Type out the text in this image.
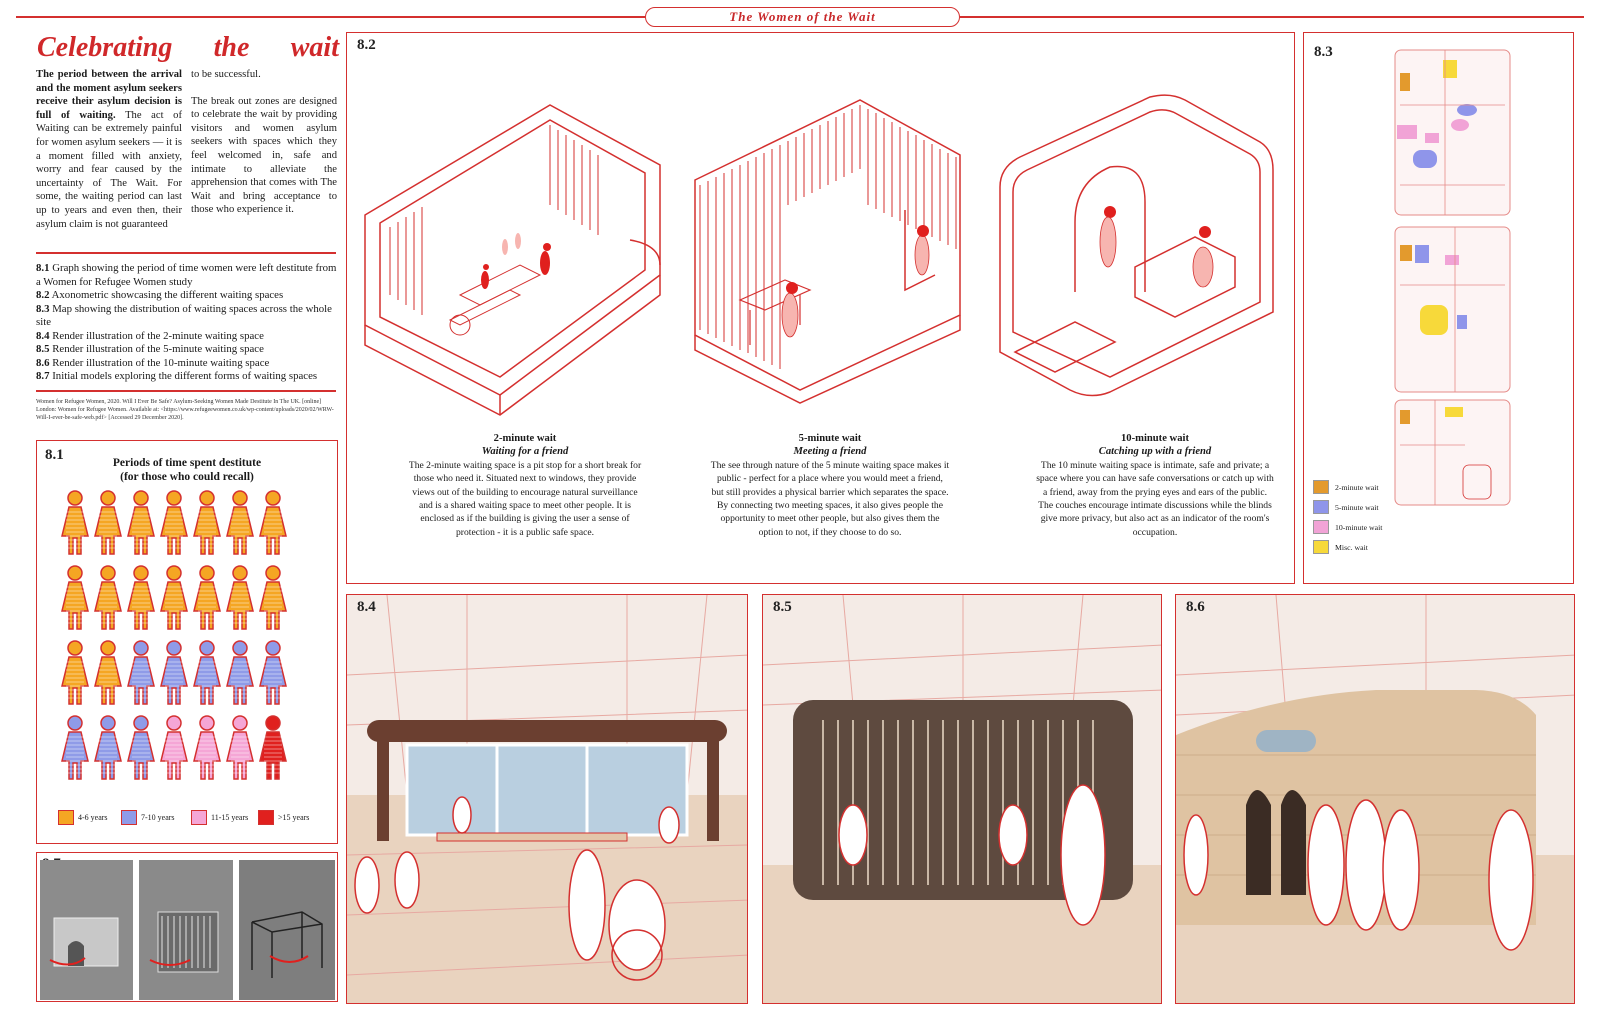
The Women of the Wait
Celebrating the wait
The period between the arrival and the moment asylum seekers receive their asylum decision is full of waiting. The act of Waiting can be extremely painful for women asylum seekers — it is a moment filled with anxiety, worry and fear caused by the uncertainty of The Wait. For some, the waiting period can last up to years and even then, their asylum claim is not guaranteed
to be successful.
The break out zones are designed to celebrate the wait by providing visitors and women asylum seekers with spaces which they feel welcomed in, safe and intimate to alleviate the apprehension that comes with The Wait and bring acceptance to those who experience it.
8.1 Graph showing the period of time women were left destitute from a Women for Refugee Women study
8.2 Axonometric showcasing the different waiting spaces
8.3 Map showing the distribution of waiting spaces across the whole site
8.4 Render illustration of the 2-minute waiting space
8.5 Render illustration of the 5-minute waiting space
8.6 Render illustration of the 10-minute waiting space
8.7 Initial models exploring the different forms of waiting spaces
Women for Refugee Women, 2020. Will I Ever Be Safe? Asylum-Seeking Women Made Destitute In The UK. [online] London: Women for Refugee Women. Available at: <https://www.refugeewomen.co.uk/wp-content/uploads/2020/02/WRW-Will-I-ever-be-safe-web.pdf> [Accessed 29 December 2020].
8.1	Periods of time spent destitute
(for those who could recall)
4-6 years	7-10 years	11-15 years	>15 years
8.2
2-minute wait
Waiting for a friend
The 2-minute waiting space is a pit stop for a short break for those who need it. Situated next to windows, they provide views out of the building to encourage natural surveillance and is a shared waiting space to meet other people. It is enclosed as if the building is giving the user a sense of protection - it is a public safe space.
5-minute wait
Meeting a friend
The see through nature of the 5 minute waiting space makes it public - perfect for a place where you would meet a friend, but still provides a physical barrier which separates the space. By connecting two meeting spaces, it also gives people the opportunity to meet other people, but also gives them the option to not, if they choose to do so.
10-minute wait
Catching up with a friend
The 10 minute waiting space is intimate, safe and private; a space where you can have safe conversations or catch up with a friend, away from the prying eyes and ears of the public. The couches encourage intimate discussions while the blinds give more privacy, but also act as an indicator of the room's occupation.
8.3
2-minute wait
5-minute wait
10-minute wait
Misc. wait
8.4	8.5	8.6
